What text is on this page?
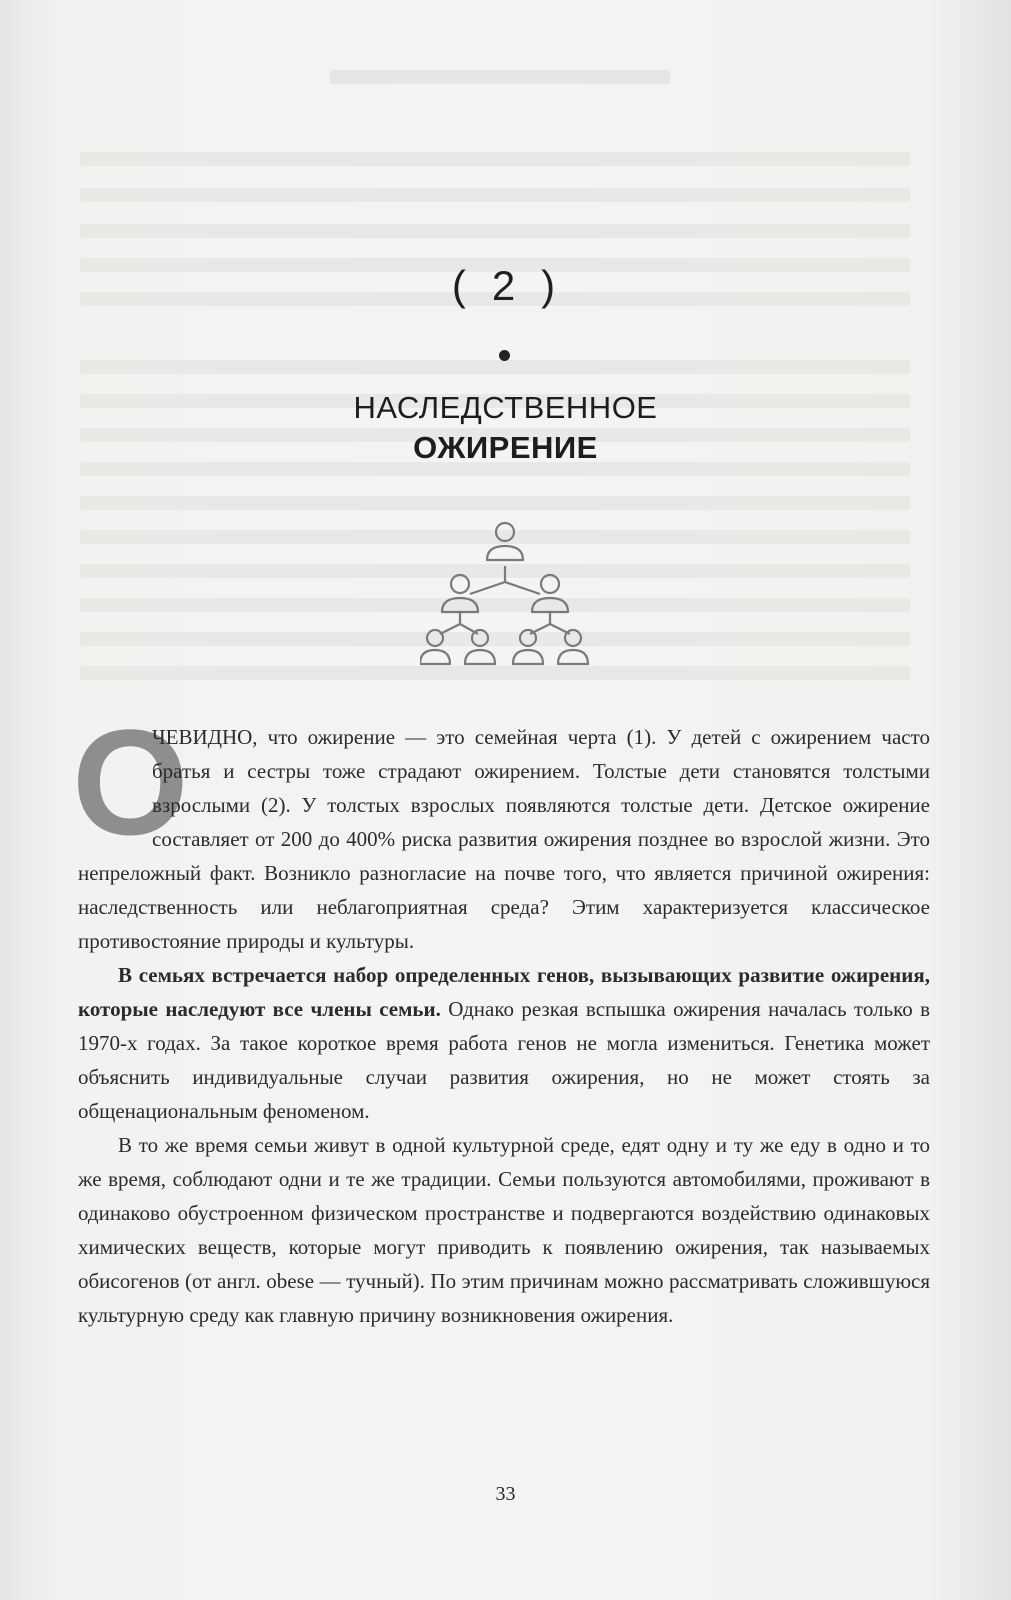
( 2 )
НАСЛЕДСТВЕННОЕ
ОЖИРЕНИЕ

О
ЧЕВИДНО, что ожирение — это семейная черта (1). У детей с ожирением часто братья и сестры тоже страдают ожирением. Толстые дети становятся толстыми взрослыми (2). У толстых взрослых появляются толстые дети. Детское ожирение составляет от 200 до 400% риска развития ожирения позднее во взрослой жизни. Это непреложный факт. Возникло разногласие на почве того, что является причиной ожирения: наследственность или неблагоприятная среда? Этим характеризуется классическое противостояние природы и культуры.

В семьях встречается набор определенных генов, вызывающих развитие ожирения, которые наследуют все члены семьи. Однако резкая вспышка ожирения началась только в 1970-х годах. За такое короткое время работа генов не могла измениться. Генетика может объяснить индивидуальные случаи развития ожирения, но не может стоять за общенациональным феноменом.

В то же время семьи живут в одной культурной среде, едят одну и ту же еду в одно и то же время, соблюдают одни и те же традиции. Семьи пользуются автомобилями, проживают в одинаково обустроенном физическом пространстве и подвергаются воздействию одинаковых химических веществ, которые могут приводить к появлению ожирения, так называемых обисогенов (от англ. obese — тучный). По этим причинам можно рассматривать сложившуюся культурную среду как главную причину возникновения ожирения.

33
